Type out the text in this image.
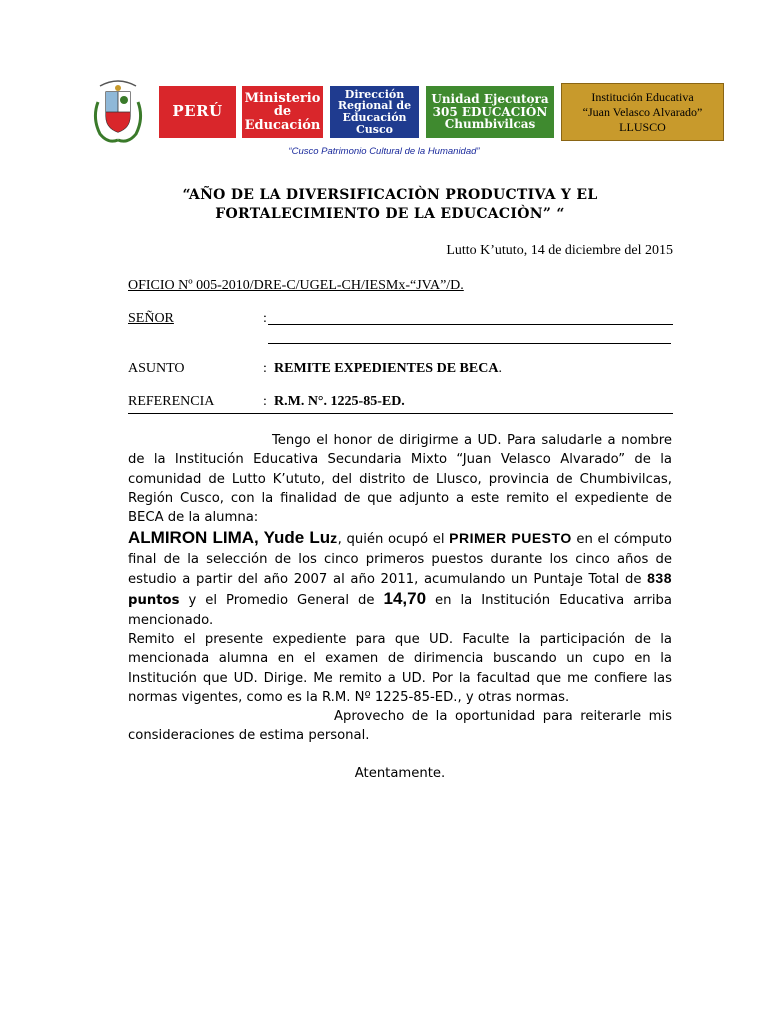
PERÚ
Ministerio de Educación
Dirección Regional de Educación Cusco
Unidad Ejecutora
305 EDUCACIÓN
Chumbivilcas
Institución Educativa
“Juan Velasco Alvarado”
LLUSCO
“Cusco Patrimonio Cultural de la Humanidad”
“AÑO DE LA DIVERSIFICACIÒN PRODUCTIVA Y EL
FORTALECIMIENTO DE LA EDUCACIÒN” “
Lutto K’ututo, 14 de diciembre del 2015
OFICIO Nº 005-2010/DRE-C/UGEL-CH/IESMx-“JVA”/D.
SEÑOR	:
ASUNTO	: REMITE EXPEDIENTES DE BECA.
REFERENCIA	: R.M. N°. 1225-85-ED.

Tengo el honor de dirigirme a UD. Para saludarle a nombre de la Institución Educativa Secundaria Mixto “Juan Velasco Alvarado” de la comunidad de Lutto K’ututo, del distrito de Llusco, provincia de Chumbivilcas, Región Cusco, con la finalidad de que adjunto a este remito el expediente de BECA de la alumna:

ALMIRON LIMA, Yude Luz, quién ocupó el PRIMER PUESTO en el cómputo final de la selección de los cinco primeros puestos durante los cinco años de estudio a partir del año 2007 al año 2011, acumulando un Puntaje Total de 838 puntos y el Promedio General de 14,70 en la Institución Educativa arriba mencionado.

Remito el presente expediente para que UD. Faculte la participación de la mencionada alumna en el examen de dirimencia buscando un cupo en la Institución que UD. Dirige. Me remito a UD. Por la facultad que me confiere las normas vigentes, como es la R.M. Nº 1225-85-ED., y otras normas.

Aprovecho de la oportunidad para reiterarle mis consideraciones de estima personal.

Atentamente.
